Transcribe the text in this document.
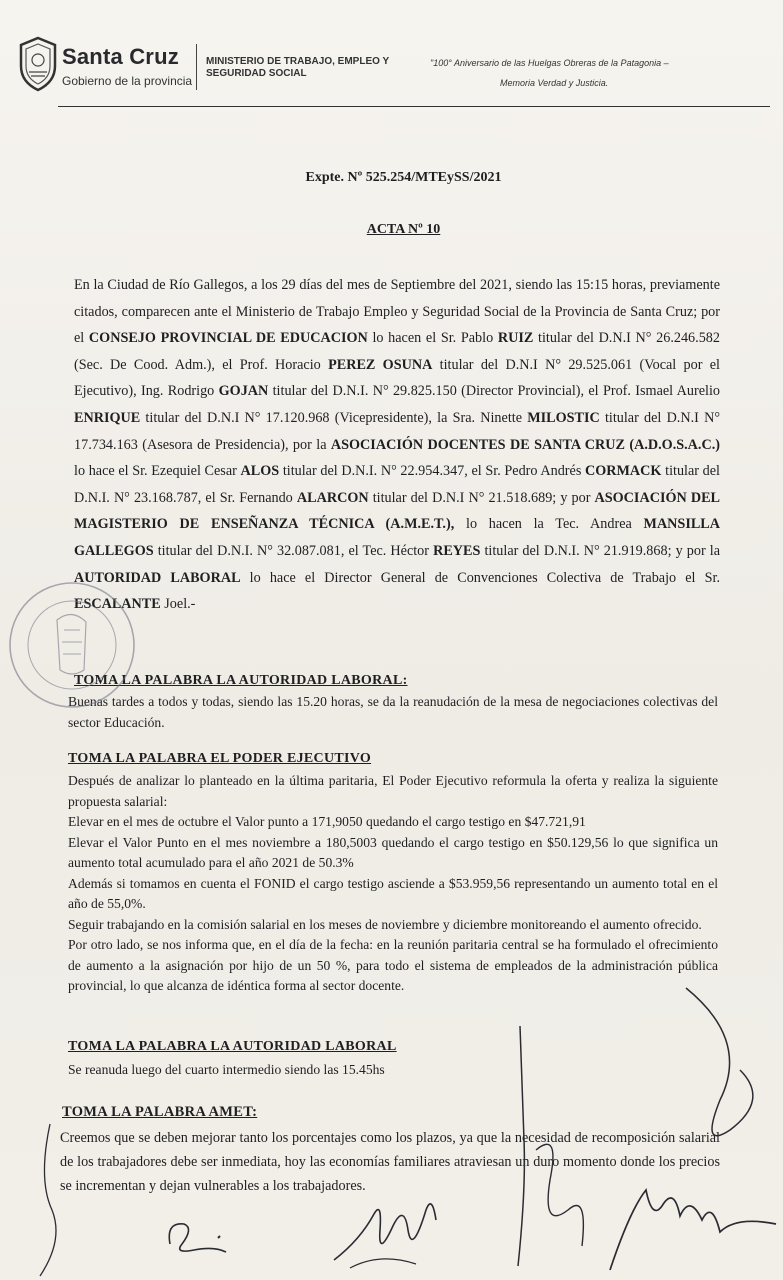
Santa Cruz
Gobierno de la provincia
MINISTERIO DE TRABAJO, EMPLEO Y SEGURIDAD SOCIAL
"100° Aniversario de las Huelgas Obreras de la Patagonia –
Memoria Verdad y Justicia.
Expte. Nº 525.254/MTEySS/2021
ACTA Nº 10
En la Ciudad de Río Gallegos, a los 29 días del mes de Septiembre del 2021, siendo las 15:15 horas, previamente citados, comparecen ante el Ministerio de Trabajo Empleo y Seguridad Social de la Provincia de Santa Cruz; por el CONSEJO PROVINCIAL DE EDUCACION lo hacen el Sr. Pablo RUIZ titular del D.N.I N° 26.246.582 (Sec. De Cood. Adm.), el Prof. Horacio PEREZ OSUNA titular del D.N.I N° 29.525.061 (Vocal por el Ejecutivo), Ing. Rodrigo GOJAN titular del D.N.I. N° 29.825.150 (Director Provincial), el Prof. Ismael Aurelio ENRIQUE titular del D.N.I N° 17.120.968 (Vicepresidente), la Sra. Ninette MILOSTIC titular del D.N.I N° 17.734.163 (Asesora de Presidencia), por la ASOCIACIÓN DOCENTES DE SANTA CRUZ (A.D.O.S.A.C.) lo hace el Sr. Ezequiel Cesar ALOS titular del D.N.I. N° 22.954.347, el Sr. Pedro Andrés CORMACK titular del D.N.I. N° 23.168.787, el Sr. Fernando ALARCON titular del D.N.I N° 21.518.689; y por ASOCIACIÓN DEL MAGISTERIO DE ENSEÑANZA TÉCNICA (A.M.E.T.), lo hacen la Tec. Andrea MANSILLA GALLEGOS titular del D.N.I. N° 32.087.081, el Tec. Héctor REYES titular del D.N.I. N° 21.919.868; y por la AUTORIDAD LABORAL lo hace el Director General de Convenciones Colectiva de Trabajo el Sr. ESCALANTE Joel.-
TOMA LA PALABRA LA AUTORIDAD LABORAL:

Buenas tardes a todos y todas, siendo las 15.20 horas, se da la reanudación de la mesa de negociaciones colectivas del sector Educación.

TOMA LA PALABRA EL PODER EJECUTIVO

Después de analizar lo planteado en la última paritaria, El Poder Ejecutivo reformula la oferta y realiza la siguiente propuesta salarial:

Elevar en el mes de octubre el Valor punto a 171,9050 quedando el cargo testigo en $47.721,91

Elevar el Valor Punto en el mes noviembre a 180,5003 quedando el cargo testigo en $50.129,56 lo que significa un aumento total acumulado para el año 2021 de 50.3%

Además si tomamos en cuenta el FONID el cargo testigo asciende a $53.959,56 representando un aumento total en el año de 55,0%.

Seguir trabajando en la comisión salarial en los meses de noviembre y diciembre monitoreando el aumento ofrecido.

Por otro lado, se nos informa que, en el día de la fecha: en la reunión paritaria central se ha formulado el ofrecimiento de aumento a la asignación por hijo de un 50 %, para todo el sistema de empleados de la administración pública provincial, lo que alcanza de idéntica forma al sector docente.

TOMA LA PALABRA LA AUTORIDAD LABORAL

Se reanuda luego del cuarto intermedio siendo las 15.45hs

TOMA LA PALABRA AMET:

Creemos que se deben mejorar tanto los porcentajes como los plazos, ya que la necesidad de recomposición salarial de los trabajadores debe ser inmediata, hoy las economías familiares atraviesan un duro momento donde los precios se incrementan y dejan vulnerables a los trabajadores.
